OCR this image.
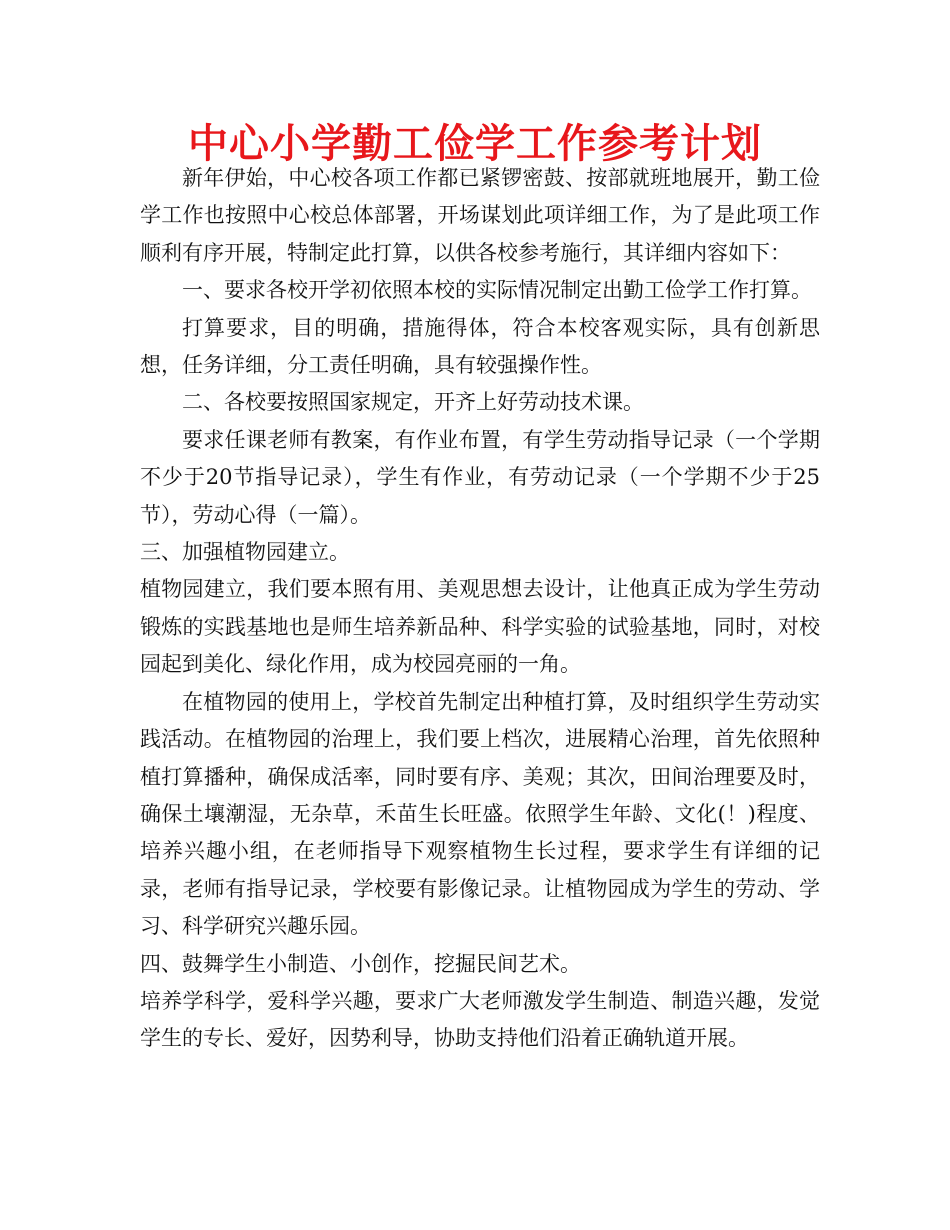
中心小学勤工俭学工作参考计划

新年伊始，中心校各项工作都已紧锣密鼓、按部就班地展开，勤工俭学工作也按照中心校总体部署，开场谋划此项详细工作，为了是此项工作顺利有序开展，特制定此打算，以供各校参考施行，其详细内容如下：

一、要求各校开学初依照本校的实际情况制定出勤工俭学工作打算。

打算要求，目的明确，措施得体，符合本校客观实际，具有创新思想，任务详细，分工责任明确，具有较强操作性。

二、各校要按照国家规定，开齐上好劳动技术课。

要求任课老师有教案，有作业布置，有学生劳动指导记录（一个学期不少于20节指导记录），学生有作业，有劳动记录（一个学期不少于25节），劳动心得（一篇）。

三、加强植物园建立。

植物园建立，我们要本照有用、美观思想去设计，让他真正成为学生劳动锻炼的实践基地也是师生培养新品种、科学实验的试验基地，同时，对校园起到美化、绿化作用，成为校园亮丽的一角。

在植物园的使用上，学校首先制定出种植打算，及时组织学生劳动实践活动。在植物园的治理上，我们要上档次，进展精心治理，首先依照种植打算播种，确保成活率，同时要有序、美观；其次，田间治理要及时，确保土壤潮湿，无杂草，禾苗生长旺盛。依照学生年龄、文化(！)程度、培养兴趣小组，在老师指导下观察植物生长过程，要求学生有详细的记录，老师有指导记录，学校要有影像记录。让植物园成为学生的劳动、学习、科学研究兴趣乐园。

四、鼓舞学生小制造、小创作，挖掘民间艺术。

培养学科学，爱科学兴趣，要求广大老师激发学生制造、制造兴趣，发觉学生的专长、爱好，因势利导，协助支持他们沿着正确轨道开展。
